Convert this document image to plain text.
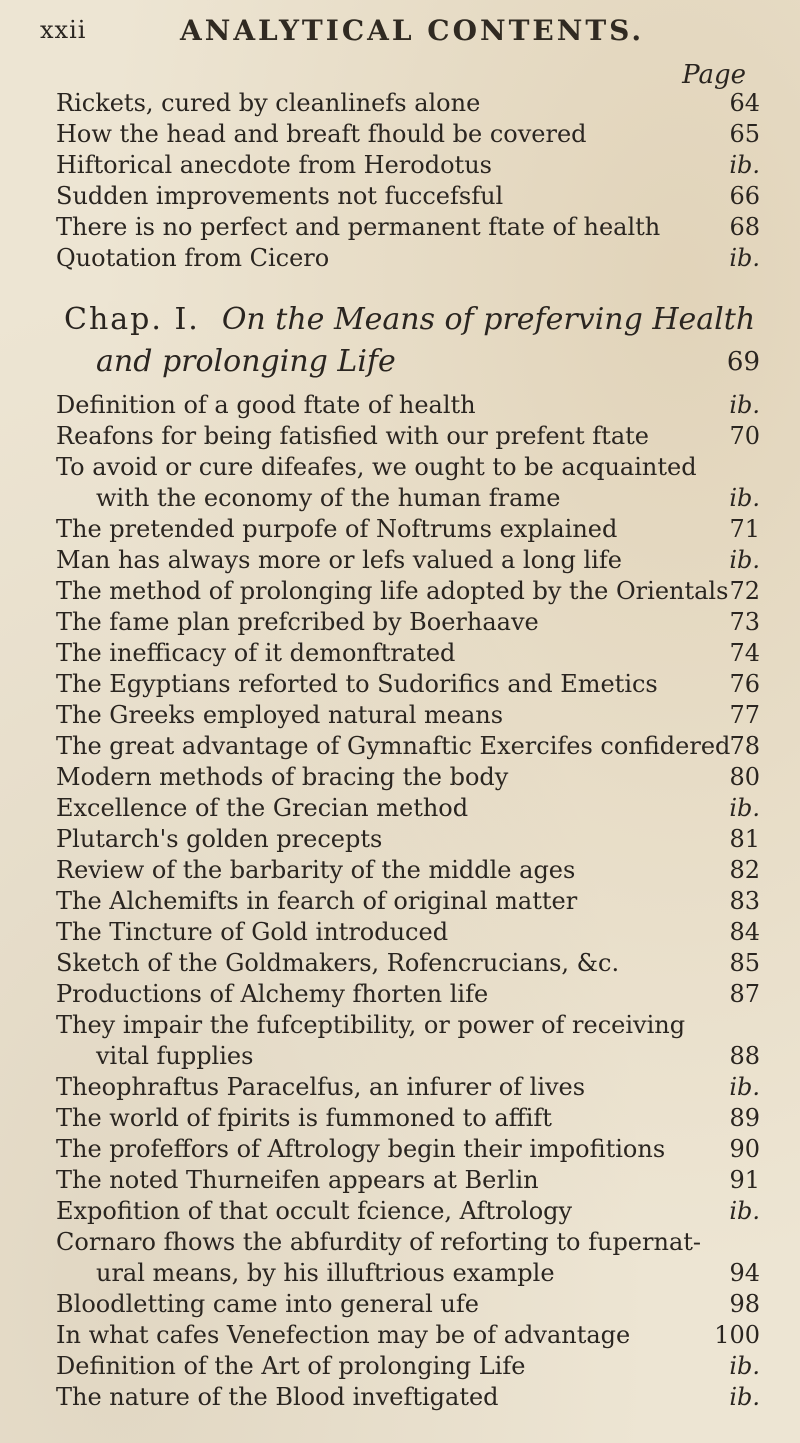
xxii	ANALYTICAL CONTENTS.
Page
Rickets, cured by cleanlinefs alone	64
How the head and breaft fhould be covered	65
Hiftorical anecdote from Herodotus	ib.
Sudden improvements not fuccefsful	66
There is no perfect and permanent ftate of health	68
Quotation from Cicero	ib.
Chap. I. On the Means of preferving Health
and prolonging Life	69
Definition of a good ftate of health	ib.
Reafons for being fatisfied with our prefent ftate	70
To avoid or cure difeafes, we ought to be acquainted
with the economy of the human frame	ib.
The pretended purpofe of Noftrums explained	71
Man has always more or lefs valued a long life	ib.
The method of prolonging life adopted by the Orientals 72
The fame plan prefcribed by Boerhaave	73
The inefficacy of it demonftrated	74
The Egyptians reforted to Sudorifics and Emetics	76
The Greeks employed natural means	77
The great advantage of Gymnaftic Exercifes confidered 78
Modern methods of bracing the body	80
Excellence of the Grecian method	ib.
Plutarch's golden precepts	81
Review of the barbarity of the middle ages	82
The Alchemifts in fearch of original matter	83
The Tincture of Gold introduced	84
Sketch of the Goldmakers, Rofencrucians, &c.	85
Productions of Alchemy fhorten life	87
They impair the fufceptibility, or power of receiving
vital fupplies	88
Theophraftus Paracelfus, an infurer of lives	ib.
The world of fpirits is fummoned to affift	89
The profeffors of Aftrology begin their impofitions	90
The noted Thurneifen appears at Berlin	91
Expofition of that occult fcience, Aftrology	ib.
Cornaro fhows the abfurdity of reforting to fupernat-
ural means, by his illuftrious example	94
Bloodletting came into general ufe	98
In what cafes Venefection may be of advantage	100
Definition of the Art of prolonging Life	ib.
The nature of the Blood inveftigated	ib.
